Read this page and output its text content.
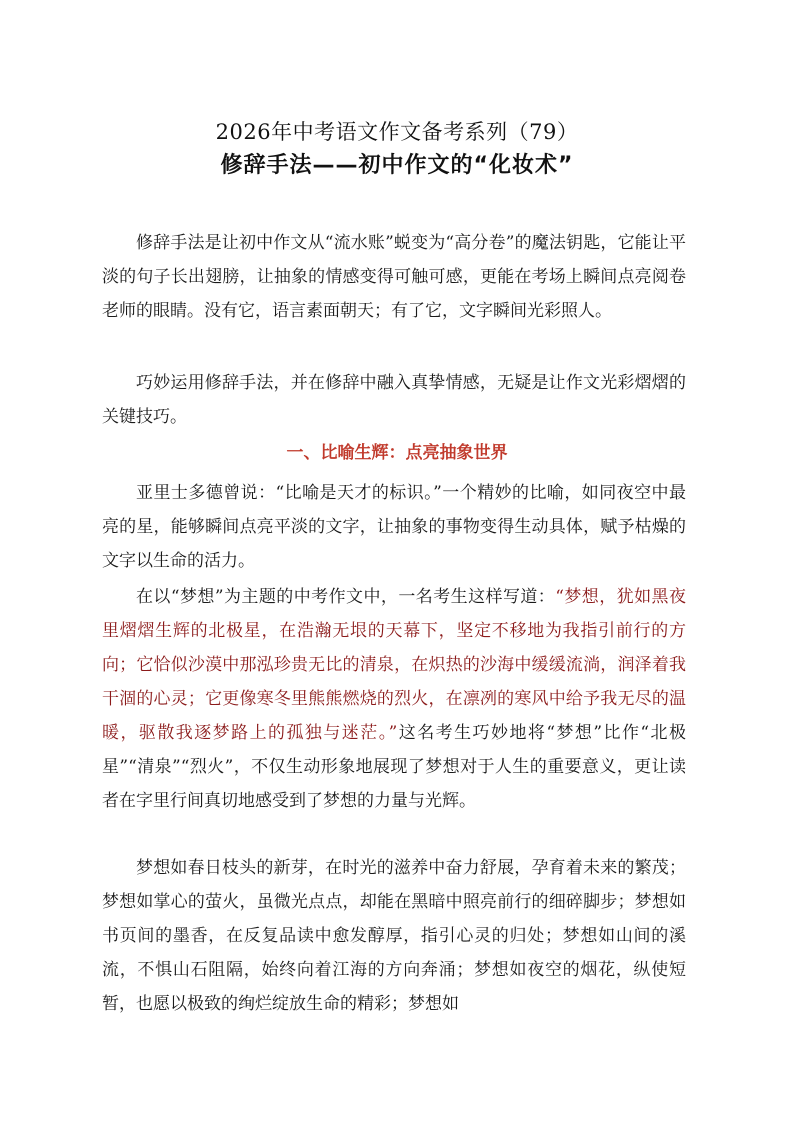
2026年中考语文作文备考系列（79）
修辞手法——初中作文的“化妆术”

修辞手法是让初中作文从“流水账”蜕变为“高分卷”的魔法钥匙，它能让平淡的句子长出翅膀，让抽象的情感变得可触可感，更能在考场上瞬间点亮阅卷老师的眼睛。没有它，语言素面朝天；有了它，文字瞬间光彩照人。

巧妙运用修辞手法，并在修辞中融入真挚情感，无疑是让作文光彩熠熠的关键技巧。

一、比喻生辉：点亮抽象世界

亚里士多德曾说：“比喻是天才的标识。”一个精妙的比喻，如同夜空中最亮的星，能够瞬间点亮平淡的文字，让抽象的事物变得生动具体，赋予枯燥的文字以生命的活力。

在以“梦想”为主题的中考作文中，一名考生这样写道：“梦想，犹如黑夜里熠熠生辉的北极星，在浩瀚无垠的天幕下，坚定不移地为我指引前行的方向；它恰似沙漠中那泓珍贵无比的清泉，在炽热的沙海中缓缓流淌，润泽着我干涸的心灵；它更像寒冬里熊熊燃烧的烈火，在凛冽的寒风中给予我无尽的温暖，驱散我逐梦路上的孤独与迷茫。”这名考生巧妙地将“梦想”比作“北极星”“清泉”“烈火”，不仅生动形象地展现了梦想对于人生的重要意义，更让读者在字里行间真切地感受到了梦想的力量与光辉。

梦想如春日枝头的新芽，在时光的滋养中奋力舒展，孕育着未来的繁茂；梦想如掌心的萤火，虽微光点点，却能在黑暗中照亮前行的细碎脚步；梦想如书页间的墨香，在反复品读中愈发醇厚，指引心灵的归处；梦想如山间的溪流，不惧山石阻隔，始终向着江海的方向奔涌；梦想如夜空的烟花，纵使短暂，也愿以极致的绚烂绽放生命的精彩；梦想如
